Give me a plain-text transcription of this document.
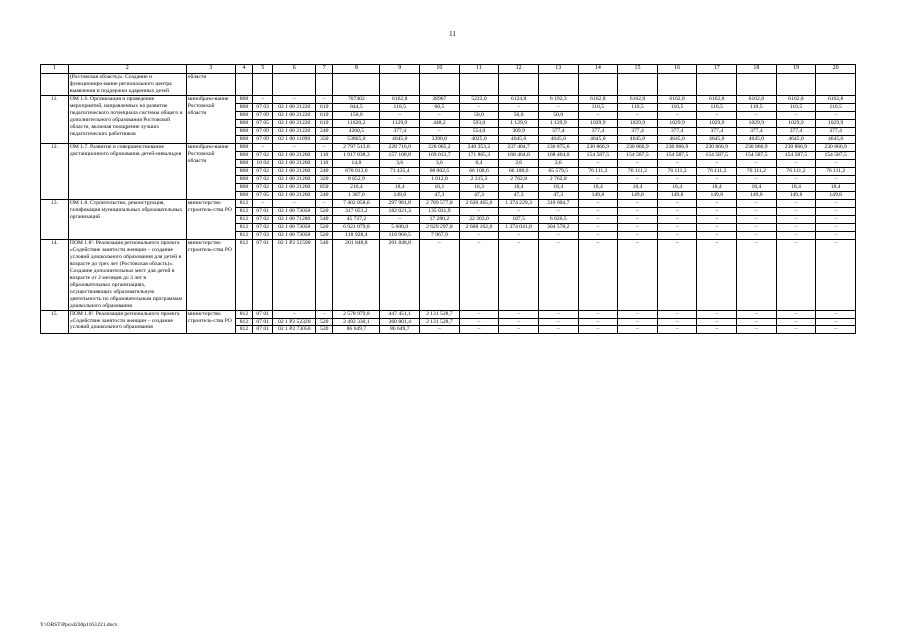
11
1	2	3	4	5	6	7	8	9	10	11	12	13	14	15	16	17	18	19	20
	(Ростовская область)». Создание и функциониро-вание регионального центра выявления и поддержки одаренных детей	области																	
11.	ОМ 1.6. Организация и проведение мероприятий, направленных на развитие педагогического потенциала системы общего и дополнительного образования Ростовской области, включая поощрение лучших педагогических работников	минобразо-вание Ростовской области	808	–	–	–	707402	6162,8	38967	5222,0	6124,8	6 192,3	6162,8	6162,8	6162,8	6162,8	6162,8	6162,8	6162,8
			808	07 03	02 1 00 21220	610	844,5	110,5	60,5	–	–	–	110,5	110,5	110,5	110,5	110,5	110,5	110,5
			808	07 09	02 1 00 21220	610	150,0	–	–	50,0	50,0	50,0	–	–	–	–	–	–	–
			808	07 05	02 1 00 21220	610	11620,2	1129,9	448,2	593,0	1 129,9	1 129,9	1029,9	1029,9	1029,9	1029,9	1029,9	1029,9	1029,9
			808	07 09	02 1 00 21220	240	4260,5	377,4	–	554,0	309,9	377,4	377,4	377,4	377,4	377,4	377,4	377,4	377,4
			808	07 09	02 1 00 11090	350	53865,0	4645,0	3390,0	4025,0	4645,0	4645,0	4645,0	4645,0	4645,0	4645,0	4645,0	4645,0	4645,0
12.	ОМ 1.7. Развитие и совершенствование дистанционного образования детей-инвалидов	минобразо-вание Ростовской области	808	–	–	–	2 797 513,0	228 716,0	228 005,2	240 353,2	237 404,7	236 875,6	230 866,9	230 866,9	230 866,9	230 866,9	230 866,9	230 866,9	230 866,9
			808	07 02	02 1 00 21260	110	1 917 038,3	157 108,8	169 013,7	171 865,3	168 464,0	168 464,0	154 587,5	154 587,5	154 587,5	154 587,5	154 587,5	154 587,5	154 587,5
			808	10 04	02 1 00 21260	110	14,8	3,6	3,6	0,4	3,6	3,6	–	–	–	–	–	–	–
			808	07 02	02 1 00 21260	240	870 013,0	71 435,4	68 002,5	66 108,6	66 108,6	65 579,5	76 111,2	76 111,2	76 111,2	76 111,2	76 111,2	76 111,2	76 111,2
			808	07 02	02 1 00 21260	320	8 852,9	–	1 012,0	2 315,3	2 762,8	2 762,8	–	–	–	–	–	–	–
			808	07 02	02 1 00 21260	850	216,4	18,4	16,1	16,3	18,4	18,4	18,4	18,4	18,4	18,4	18,4	18,4	18,4
			808	07 05	02 1 00 21260	240	1 387,6	149,8	47,3	47,3	47,3	47,3	149,8	149,8	149,8	149,8	149,8	149,8	149,8
13.	ОМ 1.8. Строительство, реконструкция, газификация муниципальных образовательных организаций	министерство строитель-ства РО	812	–	–	–	7 402 858,6	297 981,8	2 789 577,8	2 630 465,0	1 374 229,3	310 604,7	–	–	–	–	–	–	–
			812	07 01	02 1 00 73050	520	317 053,2	182 021,3	135 031,9	–	–	–	–	–	–	–	–	–	–
			812	07 02	02 1 00 71280	540	45 737,2	–	17 280,2	22 303,0	187,5	6 026,5	–	–	–	–	–	–	–
			812	07 02	02 1 00 73050	520	6 921 079,8	5 000,0	2 629 297,8	2 608 162,0	1 374 041,8	304 578,2	–	–	–	–	–	–	–
			812	07 03	02 1 00 73050	520	118 928,4	110 960,5	7 967,9	–	–	–	–	–	–	–	–	–	–
14.	ПОМ 1.8¹. Реализация регионального проекта «Содействие занятости женщин – создание условий дошкольного образования для детей в возрасте до трех лет (Ростовская область)». Создание дополнительных мест для детей в возрасте от 2 месяцев до 3 лет в образовательных организациях, осуществляющих образовательную деятельность по образовательным программам дошкольного образования	министерство строитель-ства РО	812	07 01	02 1 P2 51590	540	201 848,8	201 848,8	–	–	–	–	–	–	–	–	–	–	–
15.	ПОМ 1.8². Реализация регионального проекта «Содействие занятости женщин – создание условий дошкольного образования	министерство строитель-ства РО	812	07 01	–	–	2 578 979,8	447 451,1	2 131 528,7	–	–	–	–	–	–	–	–	–	–
			812	07 01	02 1 P2 52320	520	2 492 330,1	360 801,4	2 131 528,7	–	–	–	–	–	–	–	–	–	–
			812	07 01	02 1 P2 73050	520	86 649,7	86 649,7	–	–	–	–	–	–	–	–	–	–	–
Y:\ORST\Ppo\d230p1163.f21.docx
